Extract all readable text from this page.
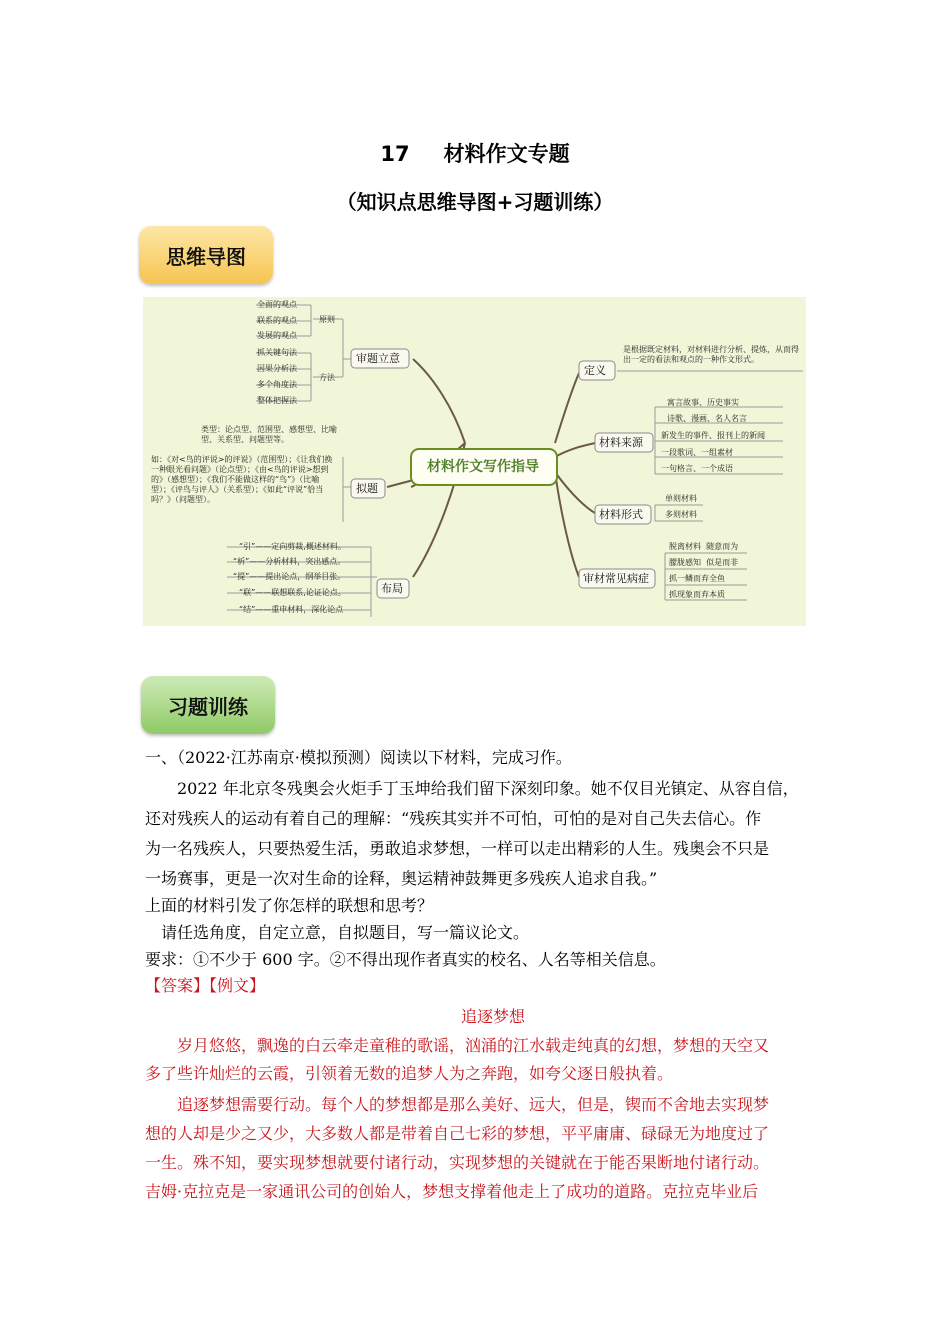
17 材料作文专题
（知识点思维导图+习题训练）
思维导图
材料作文写作指导
审题立意
原则
方法
全面的观点
联系的观点
发展的观点
抓关键句法
因果分析法
多个角度法
整体把握法
拟题
类型：论点型、范围型、感想型、比喻型、关系型、问题型等。
如：《对<鸟的评说>的评说》（范围型）；《让我们换一种眼光看问题》（论点型）；《由<鸟的评说>想到的》（感想型）；《我们不能做这样的“鸟”》（比喻型）；《评鸟与评人》（关系型）；《如此“评说”恰当吗？》（问题型）。
布局
“引”——定向剪裁,概述材料。
“析”——分析材料，突出感点。
“提”——提出论点，纲举目张。
“联”——联想联系,论证论点。
“结”——重申材料，深化论点
定义
是根据既定材料，对材料进行分析、提炼，从而得出一定的看法和观点的一种作文形式。
材料来源
寓言故事、历史事实
诗歌、漫画、名人名言
新发生的事件、报刊上的新闻
一段歌词、一组素材
一句格言、一个成语
材料形式
单则材料
多则材料
审材常见病症
脱离材料  随意而为
朦胧感知  似是而非
抓一鳞而弃全鱼
抓现象而弃本质
习题训练
一、（2022·江苏南京·模拟预测）阅读以下材料，完成习作。
2022 年北京冬残奥会火炬手丁玉坤给我们留下深刻印象。她不仅目光镇定、从容自信，
还对残疾人的运动有着自己的理解：“残疾其实并不可怕，可怕的是对自己失去信心。作
为一名残疾人，只要热爱生活，勇敢追求梦想，一样可以走出精彩的人生。残奥会不只是
一场赛事，更是一次对生命的诠释，奥运精神鼓舞更多残疾人追求自我。”
上面的材料引发了你怎样的联想和思考？
请任选角度，自定立意，自拟题目，写一篇议论文。
要求：①不少于 600 字。②不得出现作者真实的校名、人名等相关信息。
【答案】【例文】
追逐梦想
岁月悠悠，飘逸的白云牵走童稚的歌谣，汹涌的江水载走纯真的幻想，梦想的天空又
多了些许灿烂的云霞，引领着无数的追梦人为之奔跑，如夸父逐日般执着。
追逐梦想需要行动。每个人的梦想都是那么美好、远大，但是，锲而不舍地去实现梦
想的人却是少之又少，大多数人都是带着自己七彩的梦想，平平庸庸、碌碌无为地度过了
一生。殊不知，要实现梦想就要付诸行动，实现梦想的关键就在于能否果断地付诸行动。
吉姆·克拉克是一家通讯公司的创始人，梦想支撑着他走上了成功的道路。克拉克毕业后
